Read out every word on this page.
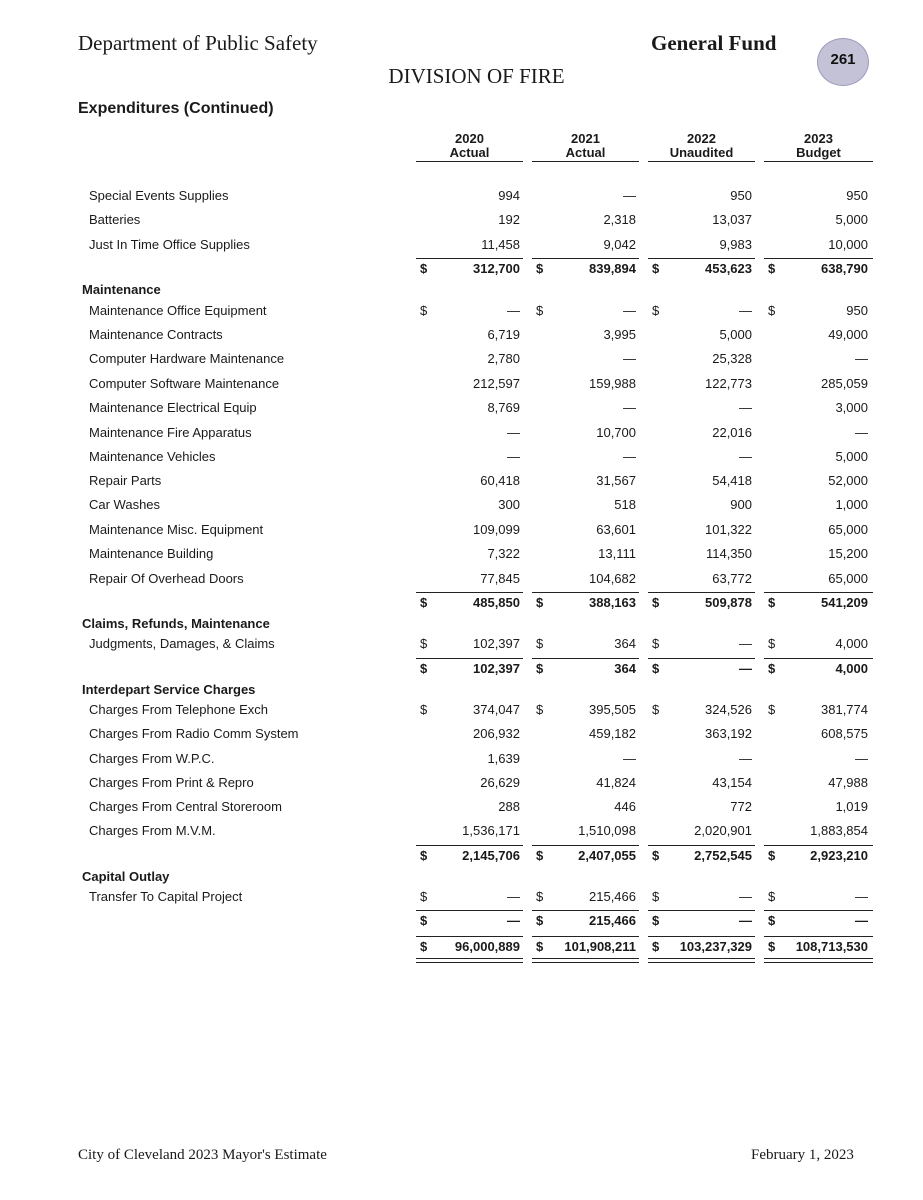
Department of Public Safety	General Fund
261
DIVISION OF FIRE
Expenditures (Continued)
2020
Actual
2021
Actual
2022
Unaudited
2023
Budget
Special Events Supplies	994	—	950	950
Batteries	192	2,318	13,037	5,000
Just In Time Office Supplies	11,458	9,042	9,983	10,000
$	312,700 $	839,894 $	453,623 $	638,790
Maintenance
Maintenance Office Equipment	$	— $	— $	— $	950
Maintenance Contracts	6,719	3,995	5,000	49,000
Computer Hardware Maintenance	2,780	—	25,328	—
Computer Software Maintenance	212,597	159,988	122,773	285,059
Maintenance Electrical Equip	8,769	—	—	3,000
Maintenance Fire Apparatus	—	10,700	22,016	—
Maintenance Vehicles	—	—	—	5,000
Repair Parts	60,418	31,567	54,418	52,000
Car Washes	300	518	900	1,000
Maintenance Misc. Equipment	109,099	63,601	101,322	65,000
Maintenance Building	7,322	13,111	114,350	15,200
Repair Of Overhead Doors	77,845	104,682	63,772	65,000
$	485,850 $	388,163 $	509,878 $	541,209
Claims, Refunds, Maintenance
Judgments, Damages, & Claims	$	102,397 $	364 $	— $	4,000
$	102,397 $	364 $	— $	4,000
Interdepart Service Charges
Charges From Telephone Exch	$	374,047 $	395,505 $	324,526 $	381,774
Charges From Radio Comm System	206,932	459,182	363,192	608,575
Charges From W.P.C.	1,639	—	—	—
Charges From Print & Repro	26,629	41,824	43,154	47,988
Charges From Central Storeroom	288	446	772	1,019
Charges From M.V.M.	1,536,171	1,510,098	2,020,901	1,883,854
$	2,145,706 $	2,407,055 $	2,752,545 $	2,923,210
Capital Outlay
Transfer To Capital Project	$	— $	215,466 $	— $	—
$	— $	215,466 $	— $	—
$	96,000,889 $	101,908,211 $	103,237,329 $	108,713,530
City of Cleveland 2023 Mayor's Estimate	February 1, 2023
